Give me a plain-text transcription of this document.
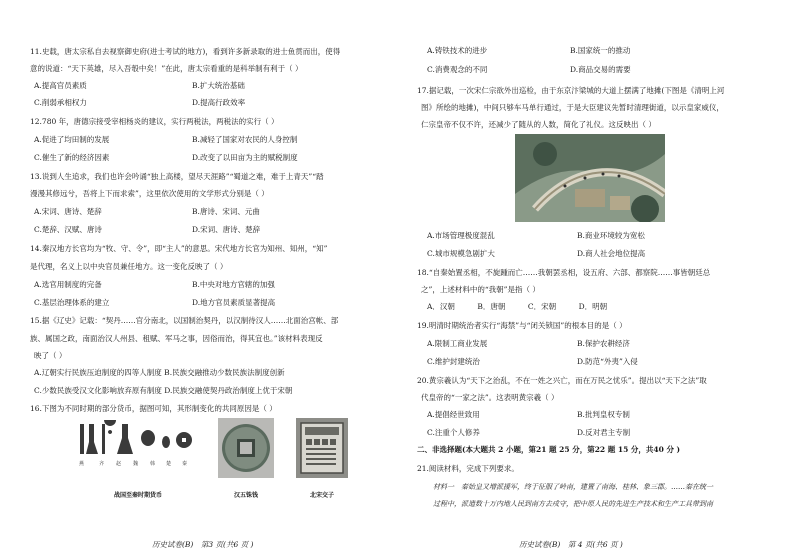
11.史载，唐太宗私自去视察御史府(进士考试的地方)，看到许多新录取的进士鱼贯而出，使得
意的说道：“天下英雄，尽入吾彀中矣！”在此，唐太宗看重的是科举制有利于（ ）
A.提高官员素质	B.扩大统治基础
C.削弱承相权力	D.提高行政效率
12.780 年，唐德宗接受宰相杨炎的建议，实行两税法，两税法的实行（ ）
A.促进了均田制的发展	B.减轻了国家对农民的人身控制
C.催生了新的经济因素	D.改变了以田亩为主的赋税制度
13.说到人生追求，我们也许会吟诵“独上高楼，望尽天涯路”“蜀道之难，难于上青天”“踏
漫漫其修远兮，吾将上下而求索”，这里依次使用的文学形式分别是（ ）
A.宋词、唐诗、楚辞	B.唐诗、宋词、元曲
C.楚辞、汉赋、唐诗	D.宋词、唐诗、楚辞
14.秦汉地方长官均为“牧、守、令”，即“主人”的意思。宋代地方长官为知州、知州，“知”
是代理，名义上以中央官员兼任地方。这一变化反映了（ ）
A.选官用制度的完备	B.中央对地方官辖的加强
C.基层治理体系的建立	D.地方官员素质显著提高
15.据《辽史》记载：“契丹……官分南北，以国制治契丹，以汉制待汉人……北面治宫帐、部
族、属国之政，南面治汉人州县、租赋、军马之事，因俗而治，得其宜也。”该材料表现反
映了（ ）
A.辽朝实行民族压迫制度的四等人制度 B.民族交融推动少数民族法制度创新
C.少数民族受汉文化影响放弃原有制度 D.民族交融使契丹政治制度上优于宋朝
16.下图为不同时期的部分货币，据图可知，其形制变化的共同原因是（ ）
燕	齐 赵 魏 韩 楚 秦
战国至秦时期货币	汉五铢钱	北宋交子
历史试卷(B)　第3 页(共6 页 )
A.铸铁技术的进步	B.国家统一的推动
C.消费观念的不同	D.商品交易的需要
17.据记载，一次宋仁宗欲外出巡检，由于东京汴梁城的大道上摆满了地摊(下图是《清明上河
图》所绘的地摊)，中间只够车马单行通过，于是大臣建议先暂时清理街道，以示皇家威仪，
仁宗皇帝不仅不许，还减少了随从的人数，简化了礼仪。这反映出（ ）
A.市场管理极度混乱	B.商业环境较为宽松
C.城市规模急剧扩大	D.商人社会地位提高
18.“自秦始置丞相，不旋踵而亡……我朝罢丞相，设五府、六部、都察院……事皆朝廷总
之”，上述材料中的“我朝”是指（ ）
A．汉朝　　　B．唐朝　　　C．宋朝　　　D．明朝
19.明清时期统治者实行“海禁”与“闭关锁国”的根本目的是（ ）
A.限制工商业发展	B.保护农耕经济
C.维护封建统治	D.防范“外夷”入侵
20.黄宗羲认为“天下之治乱，不在一姓之兴亡，而在万民之忧乐”。提出以“天下之法”取
代皇帝的“一家之法”。这表明黄宗羲（ ）
A.提倡经世致用	B.批判皇权专制
C.注重个人修养	D.反对君主专制
二、非选择题(本大题共 2 小题，第21 题 25 分，第22 题 15 分，共40 分 )
21.阅读材料，完成下列要求。
材料一　秦始皇又增派援军，终于征服了岭南，建置了南海、桂林、象三郡。……秦在统一
过程中，派遣数十万内地人民到南方去戍守，把中原人民的先进生产技术和生产工具带到南
历史试卷(B)　第 4 页(共6 页 )
